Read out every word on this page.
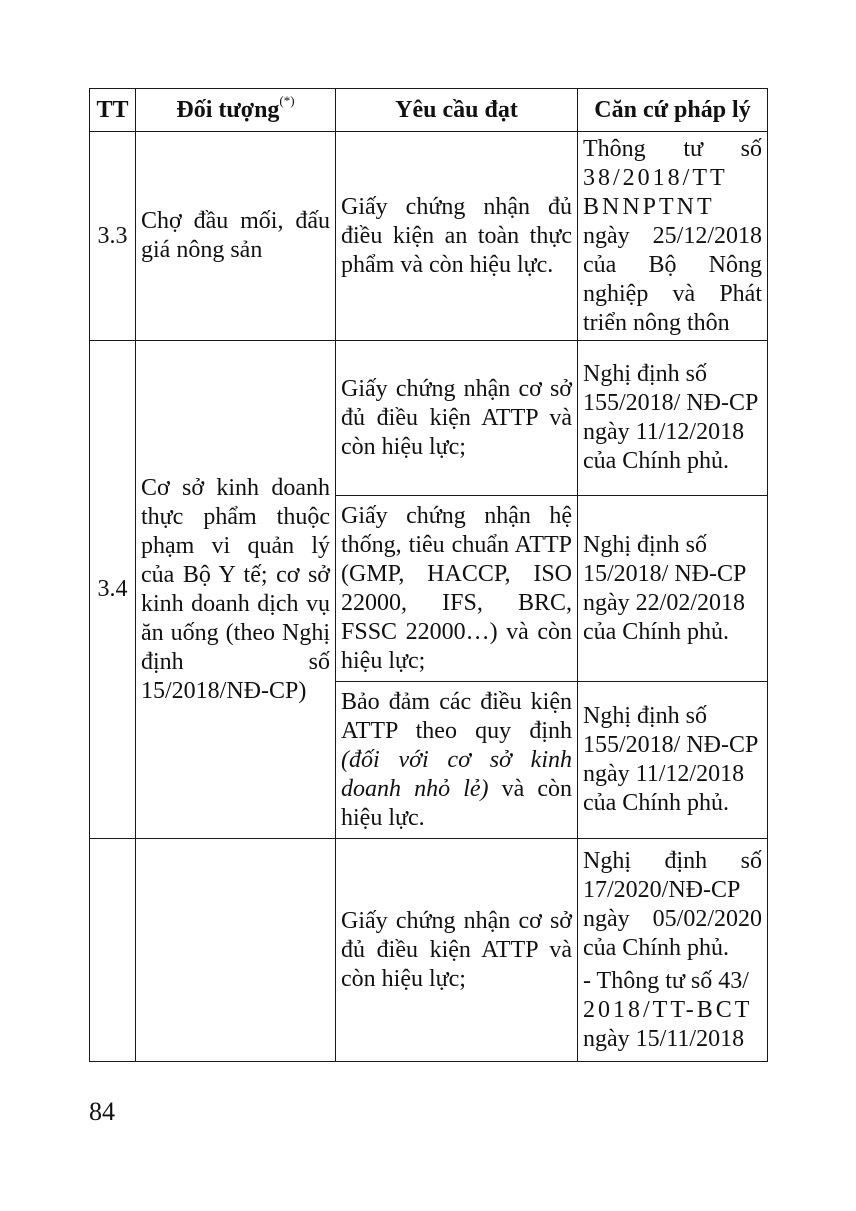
TT	Đối tượng(*)	Yêu cầu đạt	Căn cứ pháp lý
3.3	Chợ đầu mối, đấu giá nông sản	Giấy chứng nhận đủ điều kiện an toàn thực phẩm và còn hiệu lực.	Thông tư số
38/2018/TT
BNNPTNT
ngày 25/12/2018 của Bộ Nông nghiệp và Phát triển nông thôn

3.4	Cơ sở kinh doanh thực phẩm thuộc phạm vi quản lý của Bộ Y tế; cơ sở kinh doanh dịch vụ ăn uống (theo Nghị định số 15/2018/NĐ-CP)	Giấy chứng nhận cơ sở đủ điều kiện ATTP và còn hiệu lực;	Nghị định số 155/2018/ NĐ-CP ngày 11/12/2018 của Chính phủ.
		Giấy chứng nhận hệ thống, tiêu chuẩn ATTP (GMP, HACCP, ISO 22000, IFS, BRC, FSSC 22000…) và còn hiệu lực;	Nghị định số 15/2018/ NĐ-CP ngày 22/02/2018 của Chính phủ.
		Bảo đảm các điều kiện ATTP theo quy định (đối với cơ sở kinh doanh nhỏ lẻ) và còn hiệu lực.	Nghị định số 155/2018/ NĐ-CP ngày 11/12/2018 của Chính phủ.
		Giấy chứng nhận cơ sở đủ điều kiện ATTP và còn hiệu lực;	Nghị định số 17/2020/NĐ-CP ngày 05/02/2020 của Chính phủ.
- Thông tư số 43/
2018/TT-BCT
ngày 15/11/2018
84
